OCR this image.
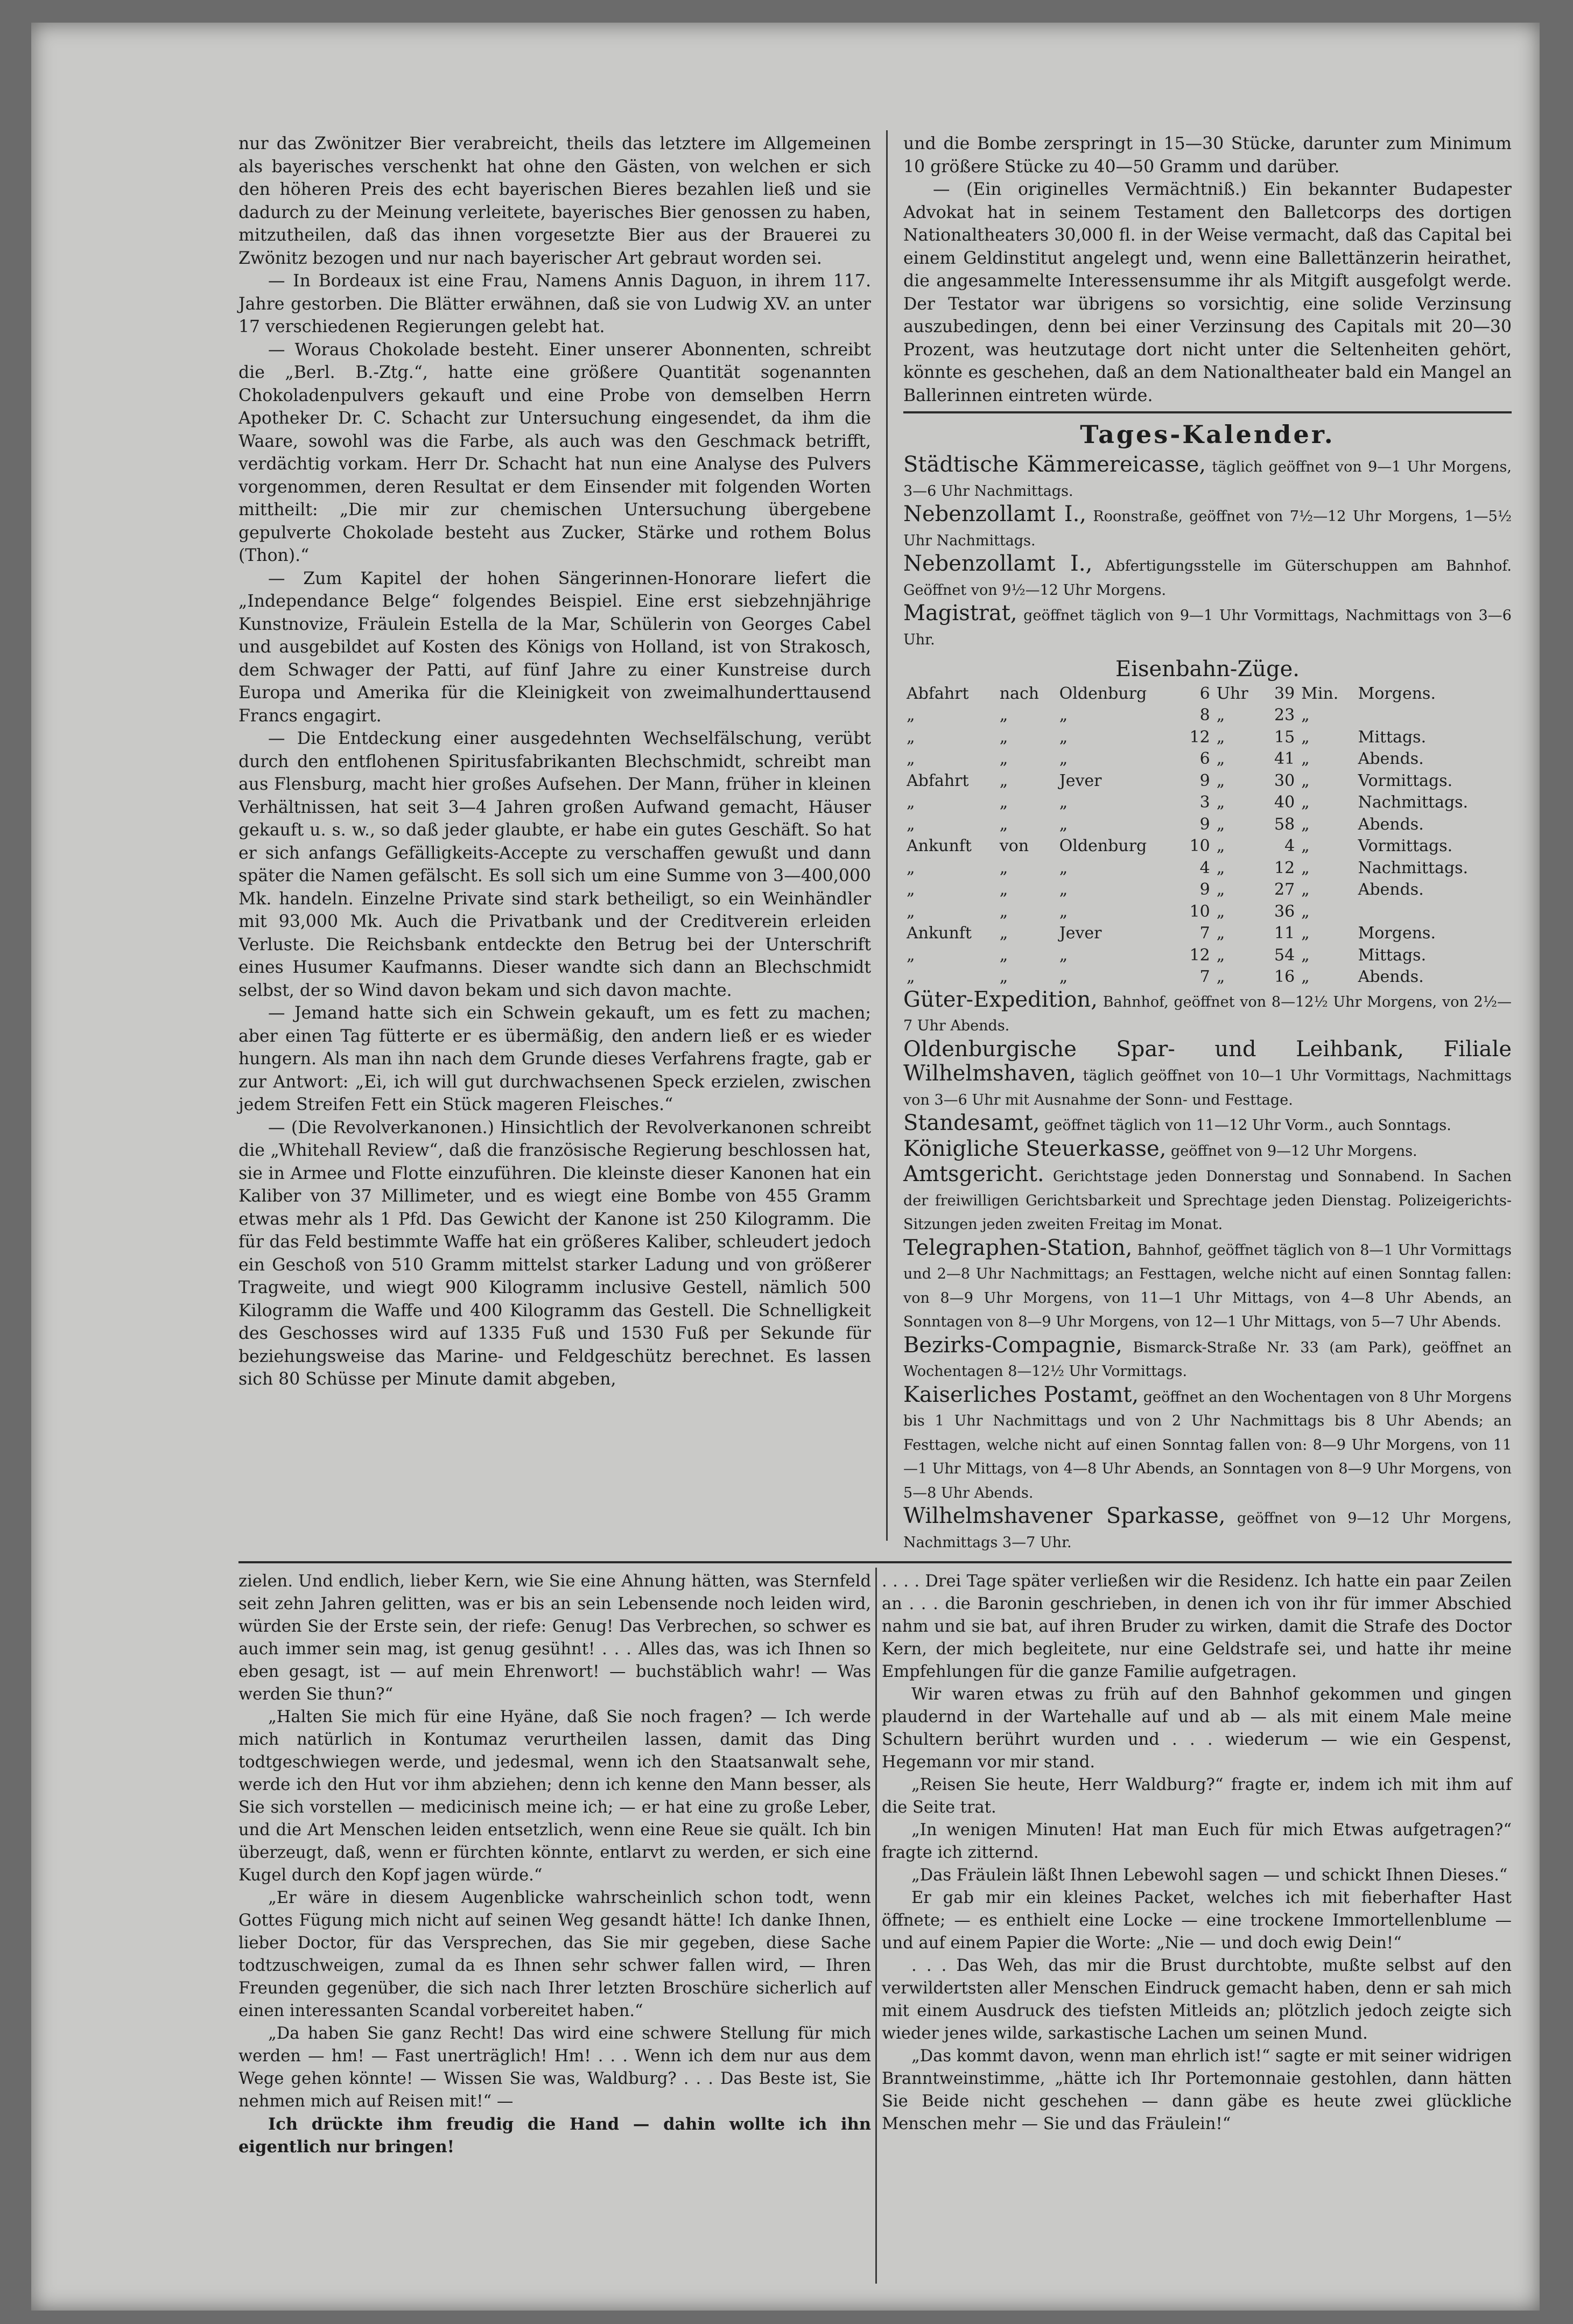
nur das Zwönitzer Bier verabreicht, theils das letztere im Allgemeinen als bayerisches verschenkt hat ohne den Gästen, von welchen er sich den höheren Preis des echt bayerischen Bieres bezahlen ließ und sie dadurch zu der Meinung verleitete, bayerisches Bier genossen zu haben, mitzutheilen, daß das ihnen vorgesetzte Bier aus der Brauerei zu Zwönitz bezogen und nur nach bayerischer Art gebraut worden sei.

— In Bordeaux ist eine Frau, Namens Annis Daguon, in ihrem 117. Jahre gestorben. Die Blätter erwähnen, daß sie von Ludwig XV. an unter 17 verschiedenen Regierungen gelebt hat.

— Woraus Chokolade besteht. Einer unserer Abonnenten, schreibt die „Berl. B.-Ztg.“, hatte eine größere Quantität sogenannten Chokoladenpulvers gekauft und eine Probe von demselben Herrn Apotheker Dr. C. Schacht zur Untersuchung eingesendet, da ihm die Waare, sowohl was die Farbe, als auch was den Geschmack betrifft, verdächtig vorkam. Herr Dr. Schacht hat nun eine Analyse des Pulvers vorgenommen, deren Resultat er dem Einsender mit folgenden Worten mittheilt: „Die mir zur chemischen Untersuchung übergebene gepulverte Chokolade besteht aus Zucker, Stärke und rothem Bolus (Thon).“

— Zum Kapitel der hohen Sängerinnen-Honorare liefert die „Independance Belge“ folgendes Beispiel. Eine erst siebzehnjährige Kunstnovize, Fräulein Estella de la Mar, Schülerin von Georges Cabel und ausgebildet auf Kosten des Königs von Holland, ist von Strakosch, dem Schwager der Patti, auf fünf Jahre zu einer Kunstreise durch Europa und Amerika für die Kleinigkeit von zweimalhunderttausend Francs engagirt.

— Die Entdeckung einer ausgedehnten Wechselfälschung, verübt durch den entflohenen Spiritusfabrikanten Blechschmidt, schreibt man aus Flensburg, macht hier großes Aufsehen. Der Mann, früher in kleinen Verhältnissen, hat seit 3—4 Jahren großen Aufwand gemacht, Häuser gekauft u. s. w., so daß jeder glaubte, er habe ein gutes Geschäft. So hat er sich anfangs Gefälligkeits-Accepte zu verschaffen gewußt und dann später die Namen gefälscht. Es soll sich um eine Summe von 3—400,000 Mk. handeln. Einzelne Private sind stark betheiligt, so ein Weinhändler mit 93,000 Mk. Auch die Privatbank und der Creditverein erleiden Verluste. Die Reichsbank entdeckte den Betrug bei der Unterschrift eines Husumer Kaufmanns. Dieser wandte sich dann an Blechschmidt selbst, der so Wind davon bekam und sich davon machte.

— Jemand hatte sich ein Schwein gekauft, um es fett zu machen; aber einen Tag fütterte er es übermäßig, den andern ließ er es wieder hungern. Als man ihn nach dem Grunde dieses Verfahrens fragte, gab er zur Antwort: „Ei, ich will gut durchwachsenen Speck erzielen, zwischen jedem Streifen Fett ein Stück mageren Fleisches.“

— (Die Revolverkanonen.) Hinsichtlich der Revolverkanonen schreibt die „Whitehall Review“, daß die französische Regierung beschlossen hat, sie in Armee und Flotte einzuführen. Die kleinste dieser Kanonen hat ein Kaliber von 37 Millimeter, und es wiegt eine Bombe von 455 Gramm etwas mehr als 1 Pfd. Das Gewicht der Kanone ist 250 Kilogramm. Die für das Feld bestimmte Waffe hat ein größeres Kaliber, schleudert jedoch ein Geschoß von 510 Gramm mittelst starker Ladung und von größerer Tragweite, und wiegt 900 Kilogramm inclusive Gestell, nämlich 500 Kilogramm die Waffe und 400 Kilogramm das Gestell. Die Schnelligkeit des Geschosses wird auf 1335 Fuß und 1530 Fuß per Sekunde für beziehungsweise das Marine- und Feldgeschütz berechnet. Es lassen sich 80 Schüsse per Minute damit abgeben,

und die Bombe zerspringt in 15—30 Stücke, darunter zum Minimum 10 größere Stücke zu 40—50 Gramm und darüber.

— (Ein originelles Vermächtniß.) Ein bekannter Budapester Advokat hat in seinem Testament den Balletcorps des dortigen Nationaltheaters 30,000 fl. in der Weise vermacht, daß das Capital bei einem Geldinstitut angelegt und, wenn eine Ballettänzerin heirathet, die angesammelte Interessensumme ihr als Mitgift ausgefolgt werde. Der Testator war übrigens so vorsichtig, eine solide Verzinsung auszubedingen, denn bei einer Verzinsung des Capitals mit 20—30 Prozent, was heutzutage dort nicht unter die Seltenheiten gehört, könnte es geschehen, daß an dem Nationaltheater bald ein Mangel an Ballerinnen eintreten würde.

Tages-Kalender.

Städtische Kämmereicasse, täglich geöffnet von 9—1 Uhr Morgens, 3—6 Uhr Nachmittags.

Nebenzollamt I., Roonstraße, geöffnet von 7½—12 Uhr Morgens, 1—5½ Uhr Nachmittags.

Nebenzollamt I., Abfertigungsstelle im Güterschuppen am Bahnhof. Geöffnet von 9½—12 Uhr Morgens.

Magistrat, geöffnet täglich von 9—1 Uhr Vormittags, Nachmittags von 3—6 Uhr.

Eisenbahn-Züge.
Abfahrt	nach	Oldenburg	6	Uhr	39	Min.	Morgens.
„	„	„	8	„	23	„	
„	„	„	12	„	15	„	Mittags.
„	„	„	6	„	41	„	Abends.
Abfahrt	„	Jever	9	„	30	„	Vormittags.
„	„	„	3	„	40	„	Nachmittags.
„	„	„	9	„	58	„	Abends.
Ankunft	von	Oldenburg	10	„	4	„	Vormittags.
„	„	„	4	„	12	„	Nachmittags.
„	„	„	9	„	27	„	Abends.
„	„	„	10	„	36	„	
Ankunft	„	Jever	7	„	11	„	Morgens.
„	„	„	12	„	54	„	Mittags.
„	„	„	7	„	16	„	Abends.

Güter-Expedition, Bahnhof, geöffnet von 8—12½ Uhr Morgens, von 2½—7 Uhr Abends.

Oldenburgische Spar- und Leihbank, Filiale Wilhelmshaven, täglich geöffnet von 10—1 Uhr Vormittags, Nachmittags von 3—6 Uhr mit Ausnahme der Sonn- und Festtage.

Standesamt, geöffnet täglich von 11—12 Uhr Vorm., auch Sonntags.

Königliche Steuerkasse, geöffnet von 9—12 Uhr Morgens.

Amtsgericht. Gerichtstage jeden Donnerstag und Sonnabend. In Sachen der freiwilligen Gerichtsbarkeit und Sprechtage jeden Dienstag. Polizeigerichts-Sitzungen jeden zweiten Freitag im Monat.

Telegraphen-Station, Bahnhof, geöffnet täglich von 8—1 Uhr Vormittags und 2—8 Uhr Nachmittags; an Festtagen, welche nicht auf einen Sonntag fallen: von 8—9 Uhr Morgens, von 11—1 Uhr Mittags, von 4—8 Uhr Abends, an Sonntagen von 8—9 Uhr Morgens, von 12—1 Uhr Mittags, von 5—7 Uhr Abends.

Bezirks-Compagnie, Bismarck-Straße Nr. 33 (am Park), geöffnet an Wochentagen 8—12½ Uhr Vormittags.

Kaiserliches Postamt, geöffnet an den Wochentagen von 8 Uhr Morgens bis 1 Uhr Nachmittags und von 2 Uhr Nachmittags bis 8 Uhr Abends; an Festtagen, welche nicht auf einen Sonntag fallen von: 8—9 Uhr Morgens, von 11—1 Uhr Mittags, von 4—8 Uhr Abends, an Sonntagen von 8—9 Uhr Morgens, von 5—8 Uhr Abends.

Wilhelmshavener Sparkasse, geöffnet von 9—12 Uhr Morgens, Nachmittags 3—7 Uhr.

zielen. Und endlich, lieber Kern, wie Sie eine Ahnung hätten, was Sternfeld seit zehn Jahren gelitten, was er bis an sein Lebensende noch leiden wird, würden Sie der Erste sein, der riefe: Genug! Das Verbrechen, so schwer es auch immer sein mag, ist genug gesühnt! . . . Alles das, was ich Ihnen so eben gesagt, ist — auf mein Ehrenwort! — buchstäblich wahr! — Was werden Sie thun?“

„Halten Sie mich für eine Hyäne, daß Sie noch fragen? — Ich werde mich natürlich in Kontumaz verurtheilen lassen, damit das Ding todtgeschwiegen werde, und jedesmal, wenn ich den Staatsanwalt sehe, werde ich den Hut vor ihm abziehen; denn ich kenne den Mann besser, als Sie sich vorstellen — medicinisch meine ich; — er hat eine zu große Leber, und die Art Menschen leiden entsetzlich, wenn eine Reue sie quält. Ich bin überzeugt, daß, wenn er fürchten könnte, entlarvt zu werden, er sich eine Kugel durch den Kopf jagen würde.“

„Er wäre in diesem Augenblicke wahrscheinlich schon todt, wenn Gottes Fügung mich nicht auf seinen Weg gesandt hätte! Ich danke Ihnen, lieber Doctor, für das Versprechen, das Sie mir gegeben, diese Sache todtzuschweigen, zumal da es Ihnen sehr schwer fallen wird, — Ihren Freunden gegenüber, die sich nach Ihrer letzten Broschüre sicherlich auf einen interessanten Scandal vorbereitet haben.“

„Da haben Sie ganz Recht! Das wird eine schwere Stellung für mich werden — hm! — Fast unerträglich! Hm! . . . Wenn ich dem nur aus dem Wege gehen könnte! — Wissen Sie was, Waldburg? . . . Das Beste ist, Sie nehmen mich auf Reisen mit!“ —

Ich drückte ihm freudig die Hand — dahin wollte ich ihn eigentlich nur bringen!

. . . . Drei Tage später verließen wir die Residenz. Ich hatte ein paar Zeilen an . . . die Baronin geschrieben, in denen ich von ihr für immer Abschied nahm und sie bat, auf ihren Bruder zu wirken, damit die Strafe des Doctor Kern, der mich begleitete, nur eine Geldstrafe sei, und hatte ihr meine Empfehlungen für die ganze Familie aufgetragen.

Wir waren etwas zu früh auf den Bahnhof gekommen und gingen plaudernd in der Wartehalle auf und ab — als mit einem Male meine Schultern berührt wurden und . . . wiederum — wie ein Gespenst, Hegemann vor mir stand.

„Reisen Sie heute, Herr Waldburg?“ fragte er, indem ich mit ihm auf die Seite trat.

„In wenigen Minuten! Hat man Euch für mich Etwas aufgetragen?“ fragte ich zitternd.

„Das Fräulein läßt Ihnen Lebewohl sagen — und schickt Ihnen Dieses.“

Er gab mir ein kleines Packet, welches ich mit fieberhafter Hast öffnete; — es enthielt eine Locke — eine trockene Immortellenblume — und auf einem Papier die Worte: „Nie — und doch ewig Dein!“

. . . Das Weh, das mir die Brust durchtobte, mußte selbst auf den verwildertsten aller Menschen Eindruck gemacht haben, denn er sah mich mit einem Ausdruck des tiefsten Mitleids an; plötzlich jedoch zeigte sich wieder jenes wilde, sarkastische Lachen um seinen Mund.

„Das kommt davon, wenn man ehrlich ist!“ sagte er mit seiner widrigen Branntweinstimme, „hätte ich Ihr Portemonnaie gestohlen, dann hätten Sie Beide nicht geschehen — dann gäbe es heute zwei glückliche Menschen mehr — Sie und das Fräulein!“
